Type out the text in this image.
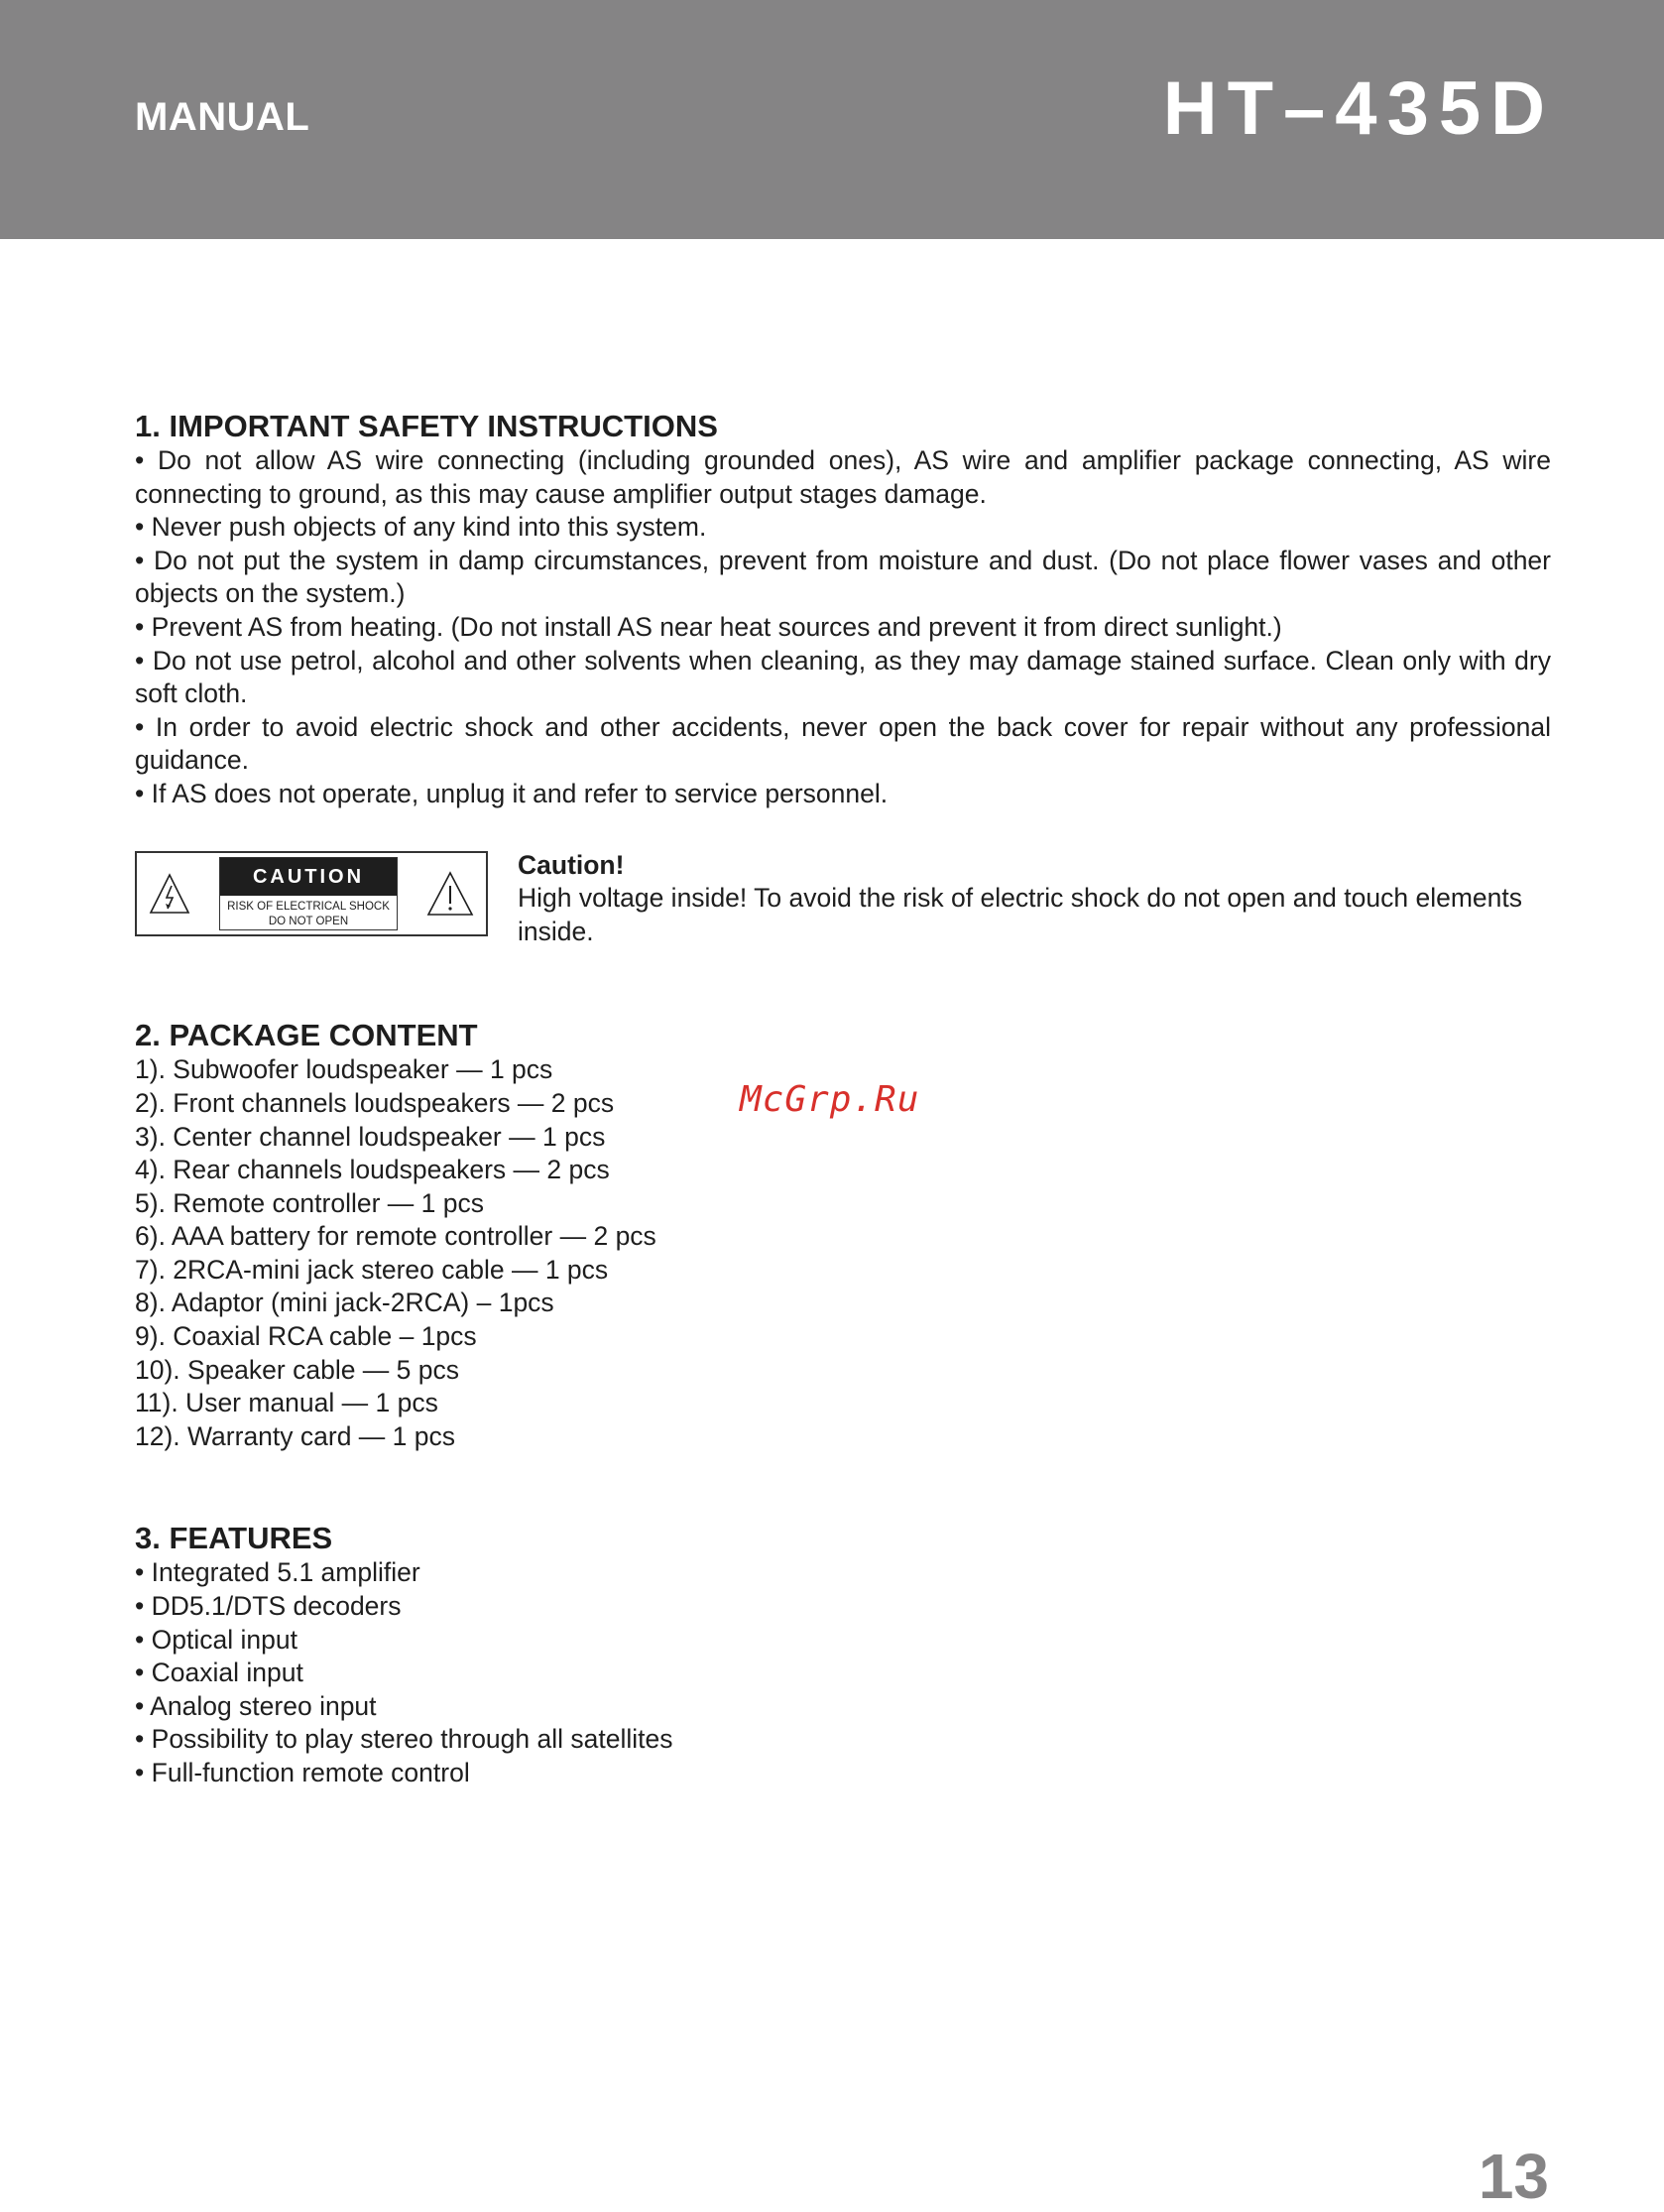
MANUAL	HT–435D
1. IMPORTANT SAFETY INSTRUCTIONS
• Do not allow AS wire connecting (including grounded ones), AS wire and amplifier package connecting, AS wire connecting to ground, as this may cause amplifier output stages damage.
• Never push objects of any kind into this system.
• Do not put the system in damp circumstances, prevent from moisture and dust. (Do not place flower vases and other objects on the system.)
• Prevent AS from heating. (Do not install AS near heat sources and prevent it from direct sunlight.)
• Do not use petrol, alcohol and other solvents when cleaning, as they may damage stained surface. Clean only with dry soft cloth.
• In order to avoid electric shock and other accidents, never open the back cover for repair without any professional guidance.
• If AS does not operate, unplug it and refer to service personnel.
CAUTION
RISK OF ELECTRICAL SHOCK
DO NOT OPEN
Caution!
High voltage inside! To avoid the risk of electric shock do not open and touch elements inside.
2. PACKAGE CONTENT
1). Subwoofer loudspeaker — 1 pcs
2). Front channels loudspeakers — 2 pcs
3). Center channel loudspeaker — 1 pcs
4). Rear channels loudspeakers — 2 pcs
5). Remote controller — 1 pcs
6). AAA battery for remote controller — 2 pcs
7). 2RCA-mini jack stereo cable — 1 pcs
8). Adaptor (mini jack-2RCA) – 1pcs
9). Coaxial RCA cable – 1pcs
10). Speaker cable — 5 pcs
11). User manual — 1 pcs
12). Warranty card — 1 pcs
3. FEATURES
• Integrated 5.1 amplifier
• DD5.1/DTS decoders
• Optical input
• Coaxial input
• Analog stereo input
• Possibility to play stereo through all satellites
• Full-function remote control
McGrp.Ru
13
